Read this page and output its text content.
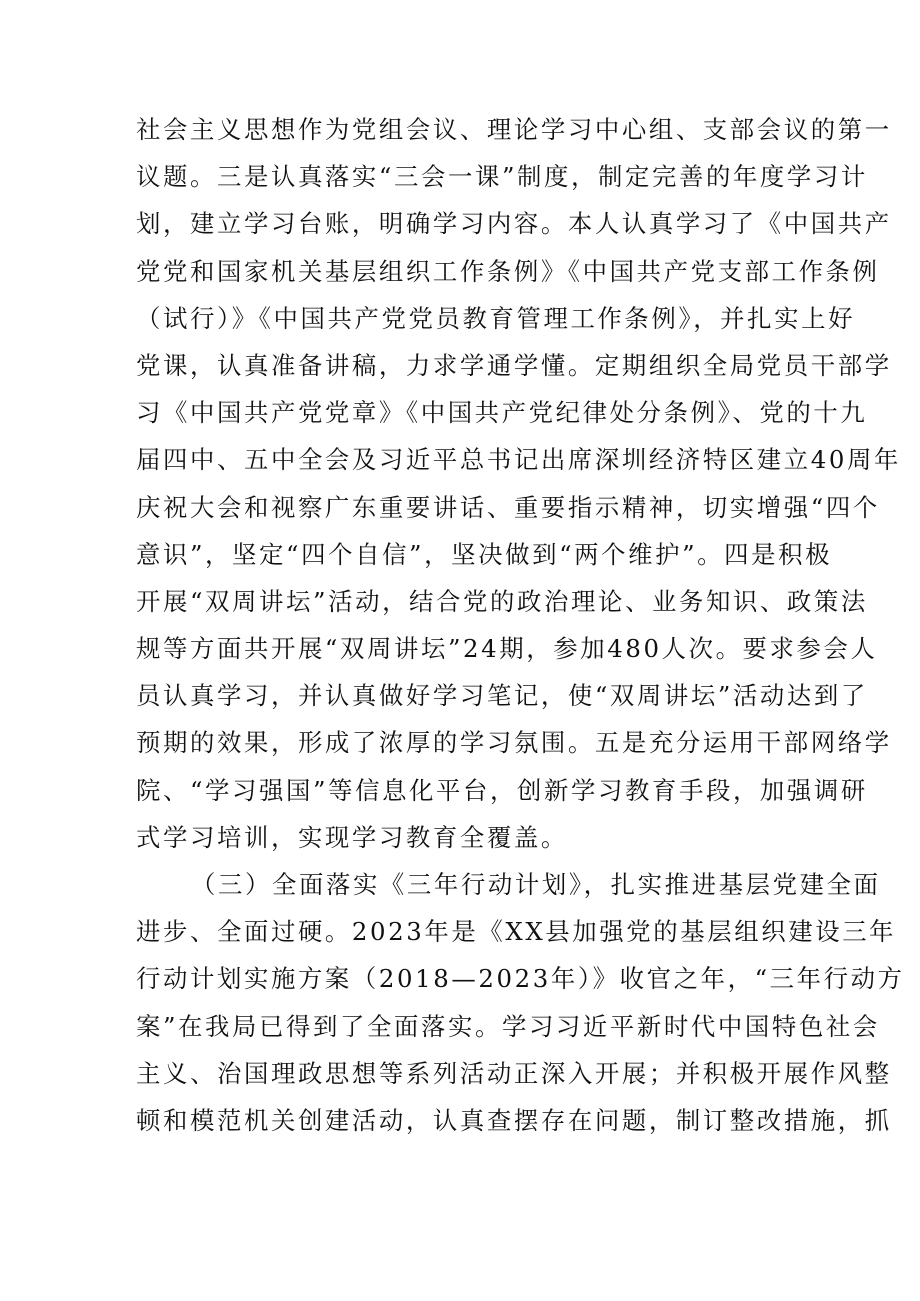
社会主义思想作为党组会议、理论学习中心组、支部会议的第一
议题。三是认真落实“三会一课”制度，制定完善的年度学习计
划，建立学习台账，明确学习内容。本人认真学习了《中国共产
党党和国家机关基层组织工作条例》《中国共产党支部工作条例
（试行）》《中国共产党党员教育管理工作条例》，并扎实上好
党课，认真准备讲稿，力求学通学懂。定期组织全局党员干部学
习《中国共产党党章》《中国共产党纪律处分条例》、党的十九
届四中、五中全会及习近平总书记出席深圳经济特区建立40周年
庆祝大会和视察广东重要讲话、重要指示精神，切实增强“四个
意识”，坚定“四个自信”，坚决做到“两个维护”。四是积极
开展“双周讲坛”活动，结合党的政治理论、业务知识、政策法
规等方面共开展“双周讲坛”24期，参加480人次。要求参会人
员认真学习，并认真做好学习笔记，使“双周讲坛”活动达到了
预期的效果，形成了浓厚的学习氛围。五是充分运用干部网络学
院、“学习强国”等信息化平台，创新学习教育手段，加强调研
式学习培训，实现学习教育全覆盖。
（三）全面落实《三年行动计划》，扎实推进基层党建全面
进步、全面过硬。2023年是《XX县加强党的基层组织建设三年
行动计划实施方案（2018—2023年）》收官之年，“三年行动方
案”在我局已得到了全面落实。学习习近平新时代中国特色社会
主义、治国理政思想等系列活动正深入开展；并积极开展作风整
顿和模范机关创建活动，认真查摆存在问题，制订整改措施，抓
